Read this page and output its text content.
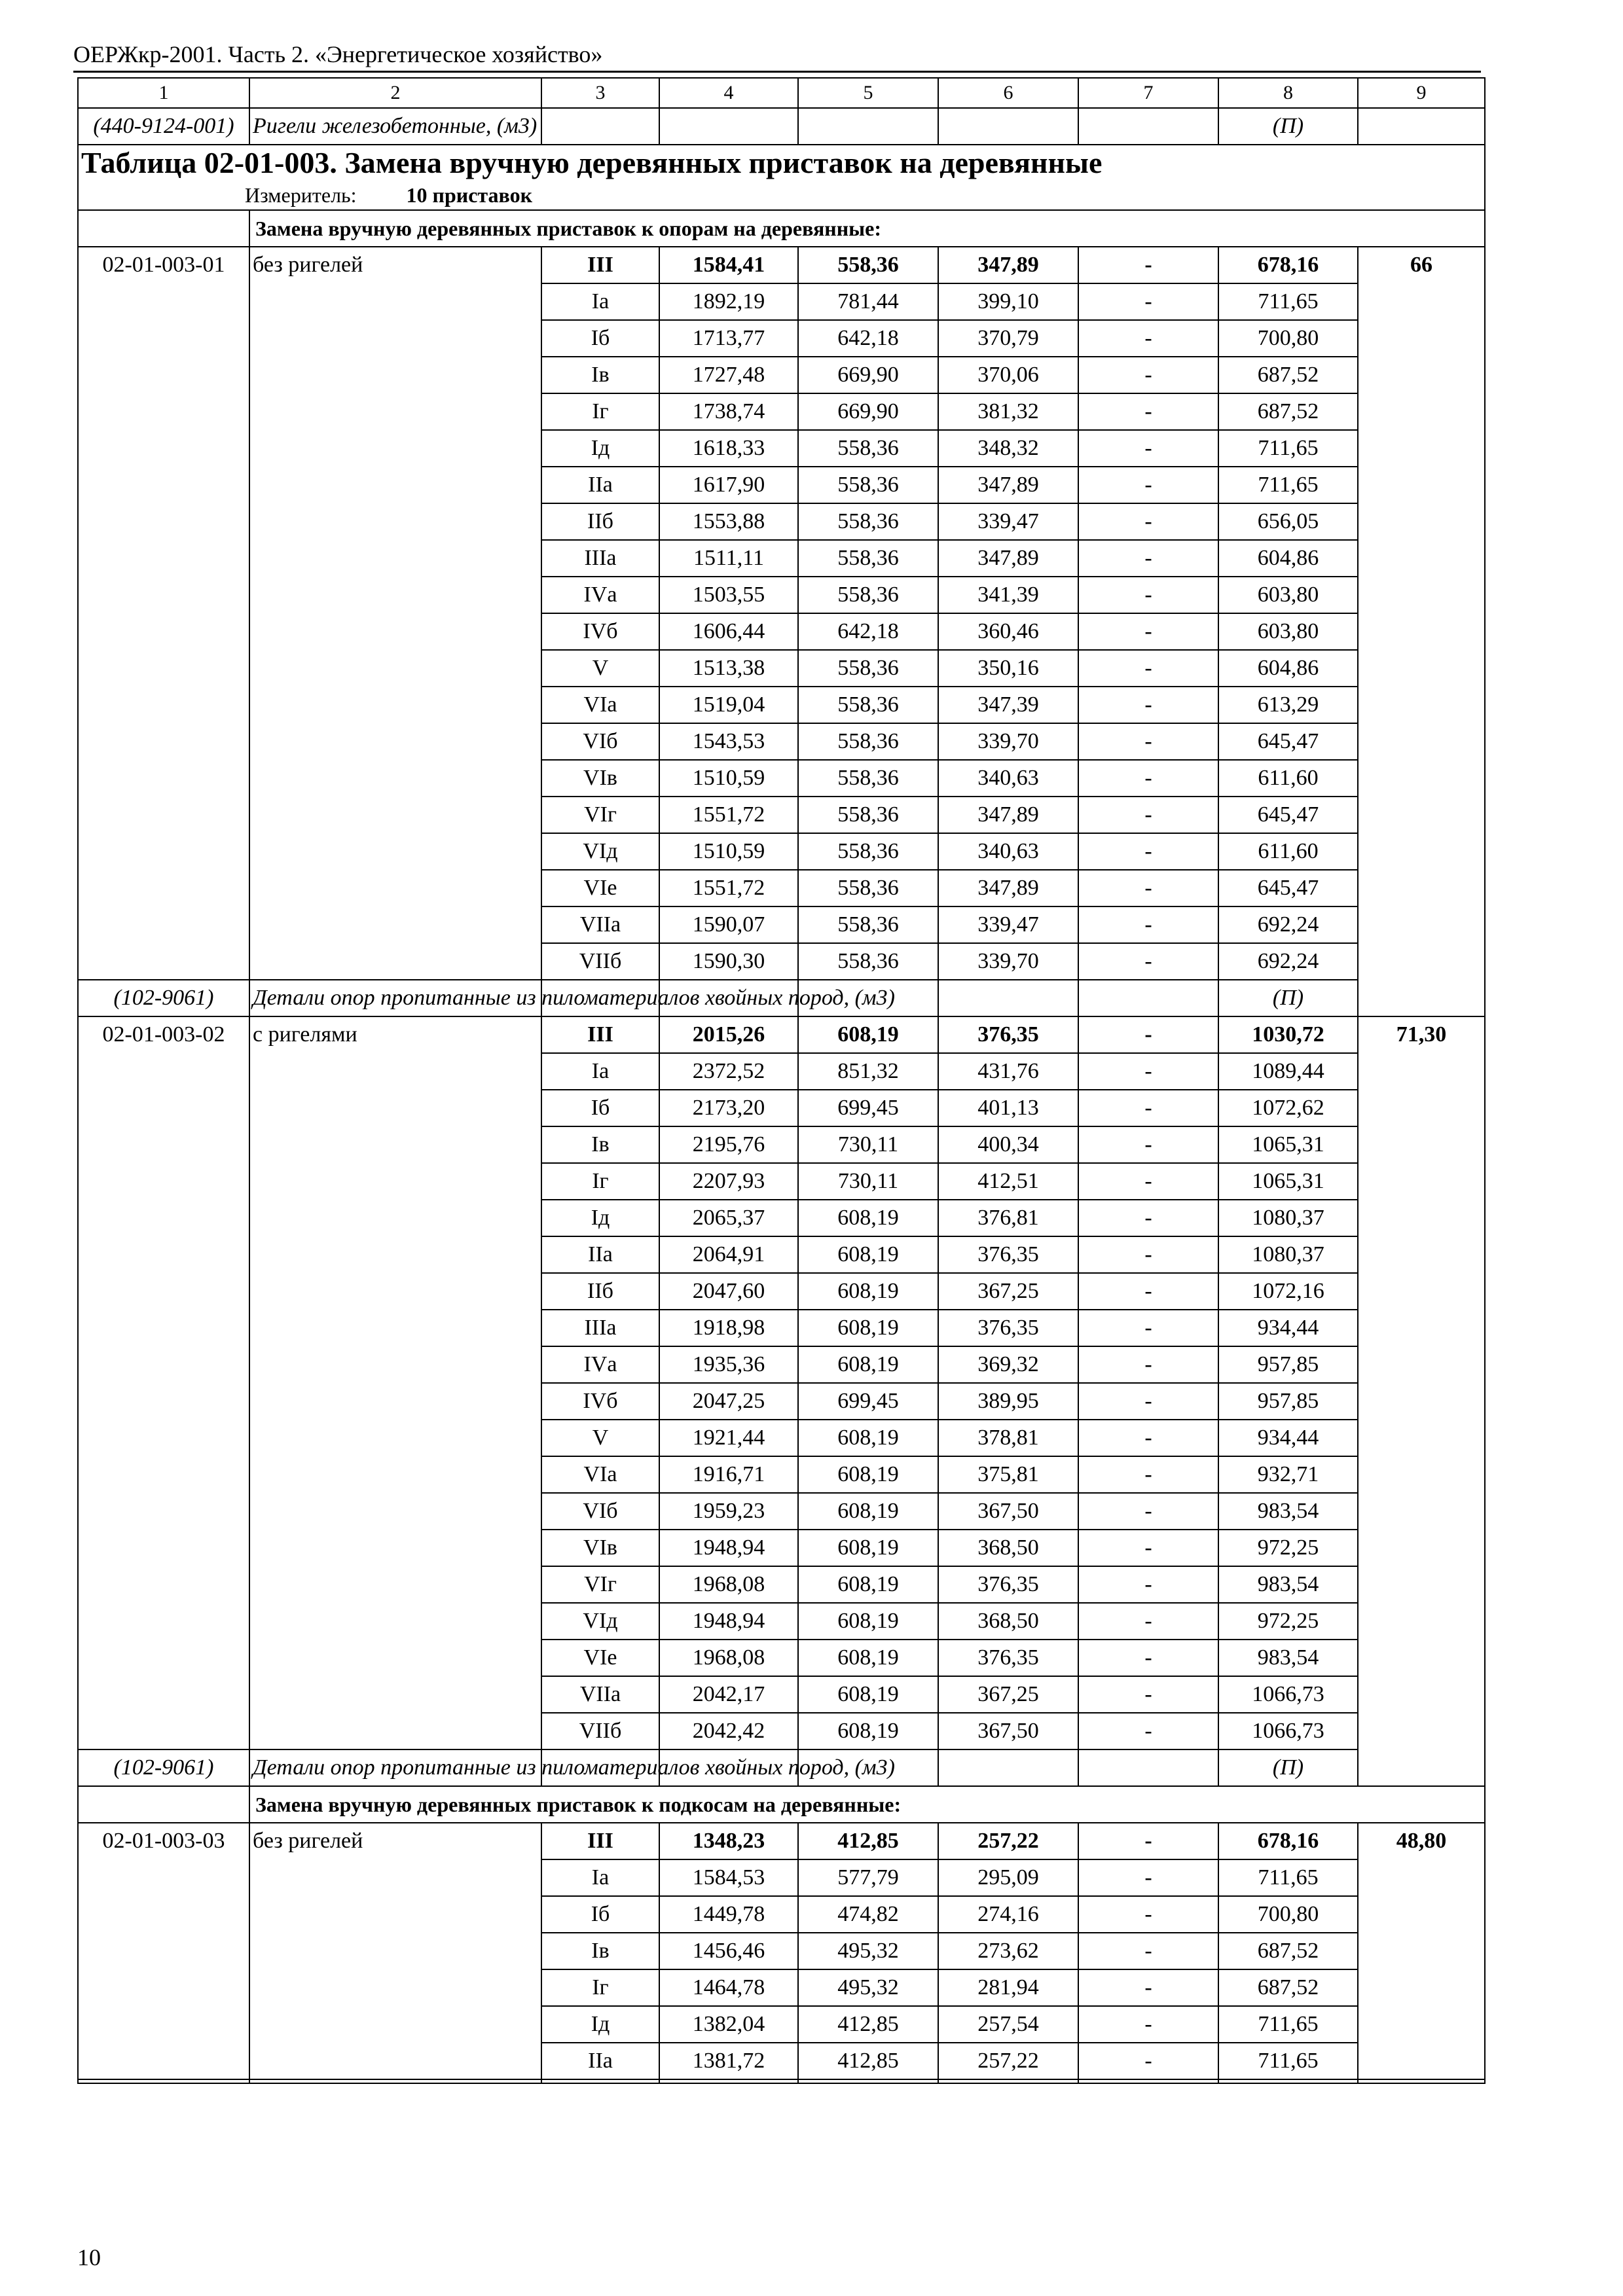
ОЕРЖкр-2001. Часть 2. «Энергетическое хозяйство»
1	2	3	4	5	6	7	8	9
(440-9124-001)	Ригели железобетонные, (м3)						(П)	
Таблица 02-01-003. Замена вручную деревянных приставок на деревянные
Измеритель: 10 приставок								

	Замена вручную деревянных приставок к опорам на деревянные:							
02-01-003-01	без ригелей	III	1584,41	558,36	347,89	-	678,16	66
		Iа	1892,19	781,44	399,10	-	711,65	
		Iб	1713,77	642,18	370,79	-	700,80	
		Iв	1727,48	669,90	370,06	-	687,52	
		Iг	1738,74	669,90	381,32	-	687,52	
		Iд	1618,33	558,36	348,32	-	711,65	
		IIа	1617,90	558,36	347,89	-	711,65	
		IIб	1553,88	558,36	339,47	-	656,05	
		IIIа	1511,11	558,36	347,89	-	604,86	
		IVа	1503,55	558,36	341,39	-	603,80	
		IVб	1606,44	642,18	360,46	-	603,80	
		V	1513,38	558,36	350,16	-	604,86	
		VIа	1519,04	558,36	347,39	-	613,29	
		VIб	1543,53	558,36	339,70	-	645,47	
		VIв	1510,59	558,36	340,63	-	611,60	
		VIг	1551,72	558,36	347,89	-	645,47	
		VIд	1510,59	558,36	340,63	-	611,60	
		VIе	1551,72	558,36	347,89	-	645,47	
		VIIа	1590,07	558,36	339,47	-	692,24	
		VIIб	1590,30	558,36	339,70	-	692,24	
(102-9061)	Детали опор пропитанные из пиломатериалов хвойных пород, (м3)						(П)	
02-01-003-02	с ригелями	III	2015,26	608,19	376,35	-	1030,72	71,30
		Iа	2372,52	851,32	431,76	-	1089,44	
		Iб	2173,20	699,45	401,13	-	1072,62	
		Iв	2195,76	730,11	400,34	-	1065,31	
		Iг	2207,93	730,11	412,51	-	1065,31	
		Iд	2065,37	608,19	376,81	-	1080,37	
		IIа	2064,91	608,19	376,35	-	1080,37	
		IIб	2047,60	608,19	367,25	-	1072,16	
		IIIа	1918,98	608,19	376,35	-	934,44	
		IVа	1935,36	608,19	369,32	-	957,85	
		IVб	2047,25	699,45	389,95	-	957,85	
		V	1921,44	608,19	378,81	-	934,44	
		VIа	1916,71	608,19	375,81	-	932,71	
		VIб	1959,23	608,19	367,50	-	983,54	
		VIв	1948,94	608,19	368,50	-	972,25	
		VIг	1968,08	608,19	376,35	-	983,54	
		VIд	1948,94	608,19	368,50	-	972,25	
		VIе	1968,08	608,19	376,35	-	983,54	
		VIIа	2042,17	608,19	367,25	-	1066,73	
		VIIб	2042,42	608,19	367,50	-	1066,73	
(102-9061)	Детали опор пропитанные из пиломатериалов хвойных пород, (м3)						(П)	
	Замена вручную деревянных приставок к подкосам на деревянные:							
02-01-003-03	без ригелей	III	1348,23	412,85	257,22	-	678,16	48,80
		Iа	1584,53	577,79	295,09	-	711,65	
		Iб	1449,78	474,82	274,16	-	700,80	
		Iв	1456,46	495,32	273,62	-	687,52	
		Iг	1464,78	495,32	281,94	-	687,52	
		Iд	1382,04	412,85	257,54	-	711,65	
		IIа	1381,72	412,85	257,22	-	711,65	

10
